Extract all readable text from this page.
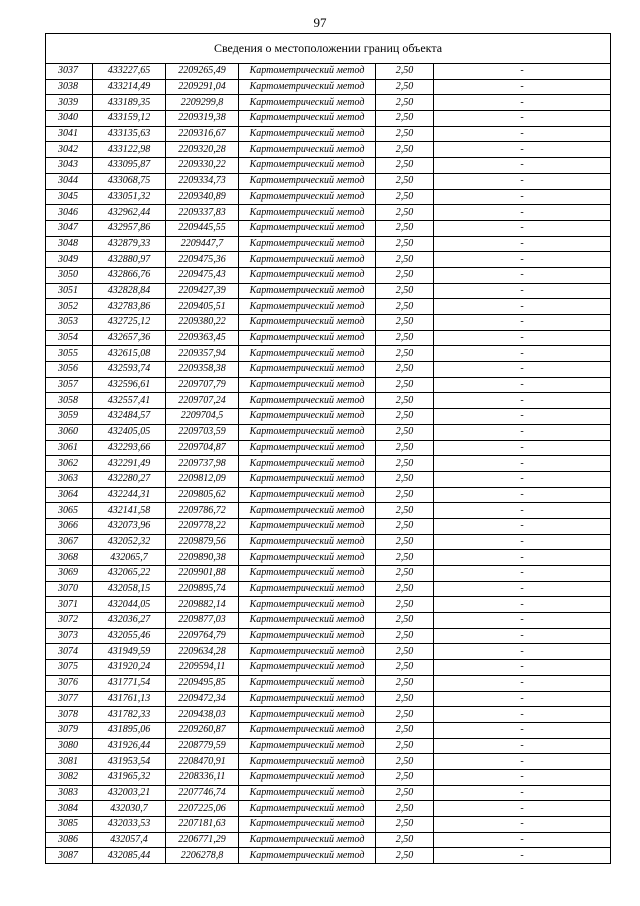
97
Сведения о местоположении границ объекта					
3037	433227,65	2209265,49	Картометрический метод	2,50	-
3038	433214,49	2209291,04	Картометрический метод	2,50	-
3039	433189,35	2209299,8	Картометрический метод	2,50	-
3040	433159,12	2209319,38	Картометрический метод	2,50	-
3041	433135,63	2209316,67	Картометрический метод	2,50	-
3042	433122,98	2209320,28	Картометрический метод	2,50	-
3043	433095,87	2209330,22	Картометрический метод	2,50	-
3044	433068,75	2209334,73	Картометрический метод	2,50	-
3045	433051,32	2209340,89	Картометрический метод	2,50	-
3046	432962,44	2209337,83	Картометрический метод	2,50	-
3047	432957,86	2209445,55	Картометрический метод	2,50	-
3048	432879,33	2209447,7	Картометрический метод	2,50	-
3049	432880,97	2209475,36	Картометрический метод	2,50	-
3050	432866,76	2209475,43	Картометрический метод	2,50	-
3051	432828,84	2209427,39	Картометрический метод	2,50	-
3052	432783,86	2209405,51	Картометрический метод	2,50	-
3053	432725,12	2209380,22	Картометрический метод	2,50	-
3054	432657,36	2209363,45	Картометрический метод	2,50	-
3055	432615,08	2209357,94	Картометрический метод	2,50	-
3056	432593,74	2209358,38	Картометрический метод	2,50	-
3057	432596,61	2209707,79	Картометрический метод	2,50	-
3058	432557,41	2209707,24	Картометрический метод	2,50	-
3059	432484,57	2209704,5	Картометрический метод	2,50	-
3060	432405,05	2209703,59	Картометрический метод	2,50	-
3061	432293,66	2209704,87	Картометрический метод	2,50	-
3062	432291,49	2209737,98	Картометрический метод	2,50	-
3063	432280,27	2209812,09	Картометрический метод	2,50	-
3064	432244,31	2209805,62	Картометрический метод	2,50	-
3065	432141,58	2209786,72	Картометрический метод	2,50	-
3066	432073,96	2209778,22	Картометрический метод	2,50	-
3067	432052,32	2209879,56	Картометрический метод	2,50	-
3068	432065,7	2209890,38	Картометрический метод	2,50	-
3069	432065,22	2209901,88	Картометрический метод	2,50	-
3070	432058,15	2209895,74	Картометрический метод	2,50	-
3071	432044,05	2209882,14	Картометрический метод	2,50	-
3072	432036,27	2209877,03	Картометрический метод	2,50	-
3073	432055,46	2209764,79	Картометрический метод	2,50	-
3074	431949,59	2209634,28	Картометрический метод	2,50	-
3075	431920,24	2209594,11	Картометрический метод	2,50	-
3076	431771,54	2209495,85	Картометрический метод	2,50	-
3077	431761,13	2209472,34	Картометрический метод	2,50	-
3078	431782,33	2209438,03	Картометрический метод	2,50	-
3079	431895,06	2209260,87	Картометрический метод	2,50	-
3080	431926,44	2208779,59	Картометрический метод	2,50	-
3081	431953,54	2208470,91	Картометрический метод	2,50	-
3082	431965,32	2208336,11	Картометрический метод	2,50	-
3083	432003,21	2207746,74	Картометрический метод	2,50	-
3084	432030,7	2207225,06	Картометрический метод	2,50	-
3085	432033,53	2207181,63	Картометрический метод	2,50	-
3086	432057,4	2206771,29	Картометрический метод	2,50	-
3087	432085,44	2206278,8	Картометрический метод	2,50	-
